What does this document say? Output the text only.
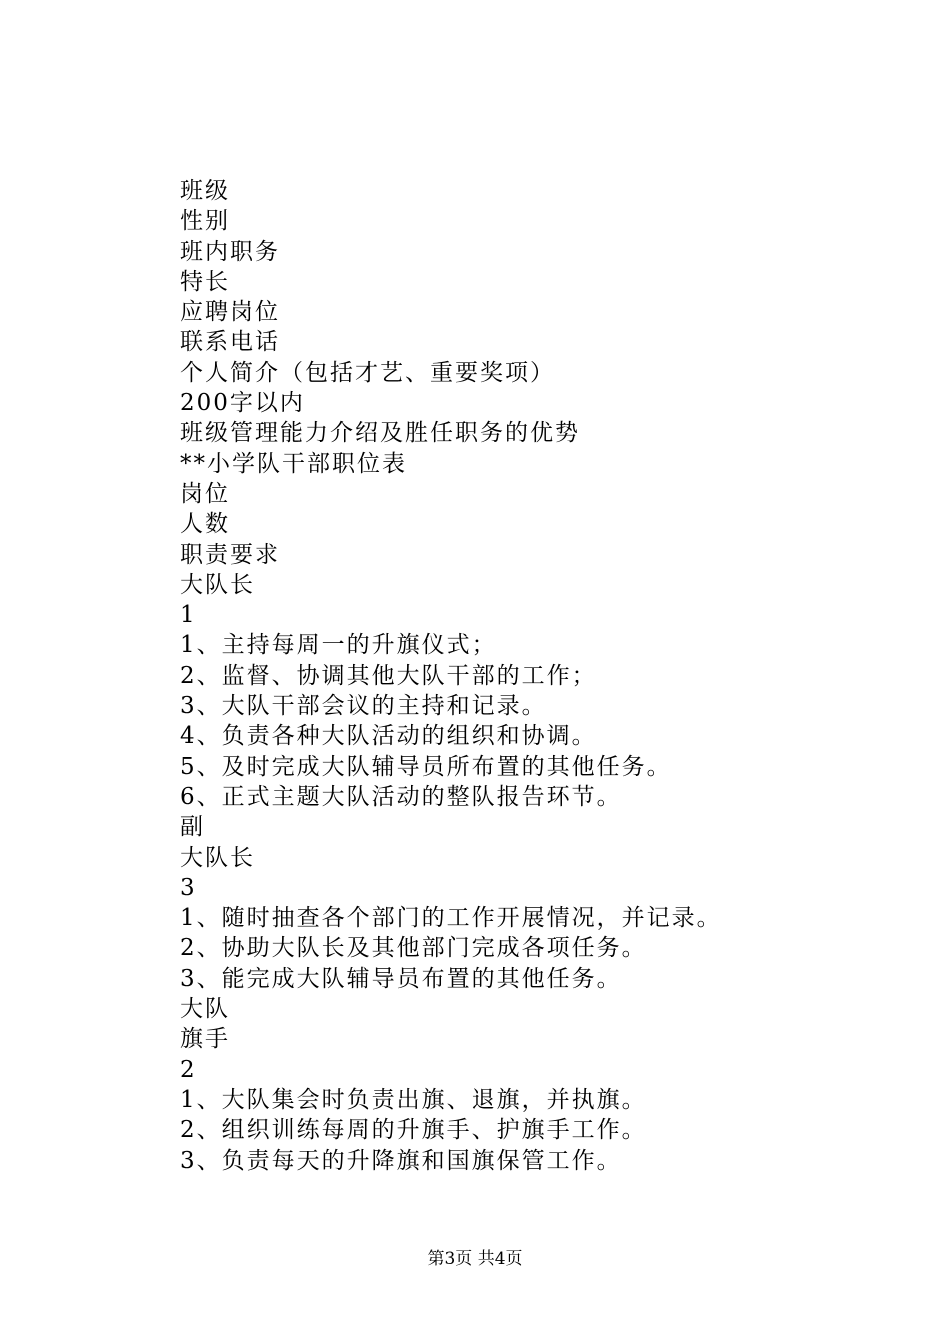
班级
性别
班内职务
特长
应聘岗位
联系电话
个人简介（包括才艺、重要奖项）
200字以内
班级管理能力介绍及胜任职务的优势
**小学队干部职位表
岗位
人数
职责要求
大队长
1
1、主持每周一的升旗仪式；
2、监督、协调其他大队干部的工作；
3、大队干部会议的主持和记录。
4、负责各种大队活动的组织和协调。
5、及时完成大队辅导员所布置的其他任务。
6、正式主题大队活动的整队报告环节。
副
大队长
3
1、随时抽查各个部门的工作开展情况，并记录。
2、协助大队长及其他部门完成各项任务。
3、能完成大队辅导员布置的其他任务。
大队
旗手
2
1、大队集会时负责出旗、退旗，并执旗。
2、组织训练每周的升旗手、护旗手工作。
3、负责每天的升降旗和国旗保管工作。
第3页 共4页
